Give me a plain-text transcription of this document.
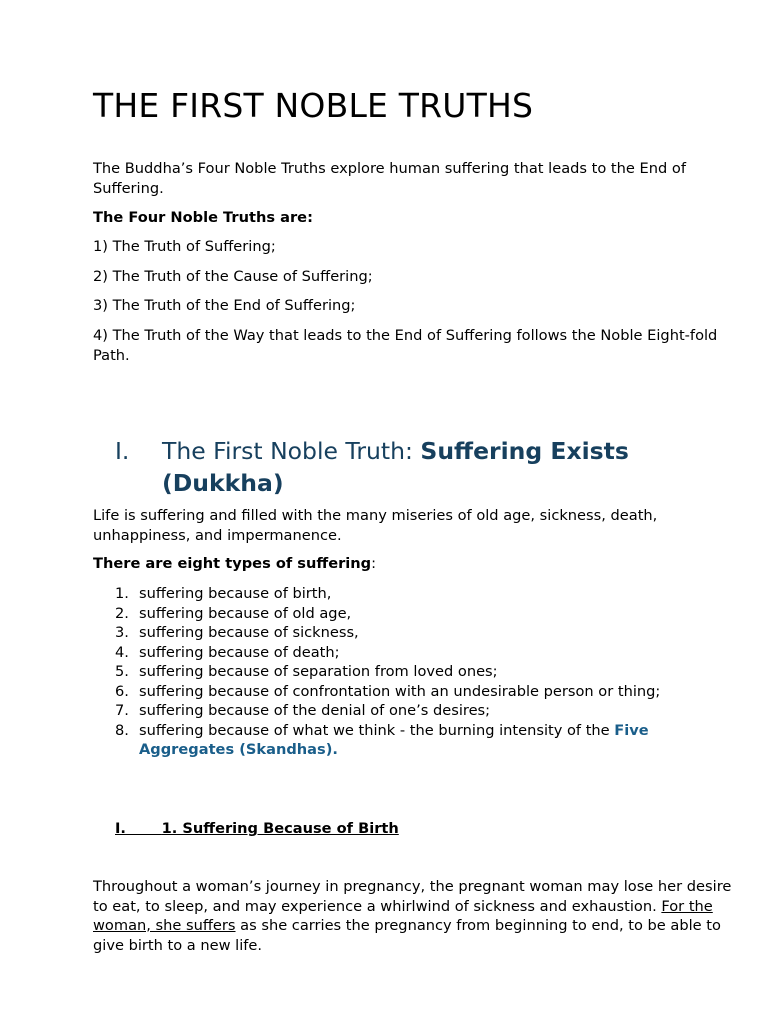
THE FIRST NOBLE TRUTHS

The Buddha’s Four Noble Truths explore human suffering that leads to the End of Suffering.

The Four Noble Truths are:

1) The Truth of Suffering;

2) The Truth of the Cause of Suffering;

3) The Truth of the End of Suffering;

4) The Truth of the Way that leads to the End of Suffering follows the Noble Eight-fold Path.

I. The First Noble Truth: Suffering Exists (Dukkha)

Life is suffering and filled with the many miseries of old age, sickness, death, unhappiness, and impermanence.

There are eight types of suffering:

1. suffering because of birth,
2. suffering because of old age,
3. suffering because of sickness,
4. suffering because of death;
5. suffering because of separation from loved ones;
6. suffering because of confrontation with an undesirable person or thing;
7. suffering because of the denial of one’s desires;
8. suffering because of what we think - the burning intensity of the Five Aggregates (Skandhas).

I. 1. Suffering Because of Birth

Throughout a woman’s journey in pregnancy, the pregnant woman may lose her desire to eat, to sleep, and may experience a whirlwind of sickness and exhaustion. For the woman, she suffers as she carries the pregnancy from beginning to end, to be able to give birth to a new life.
